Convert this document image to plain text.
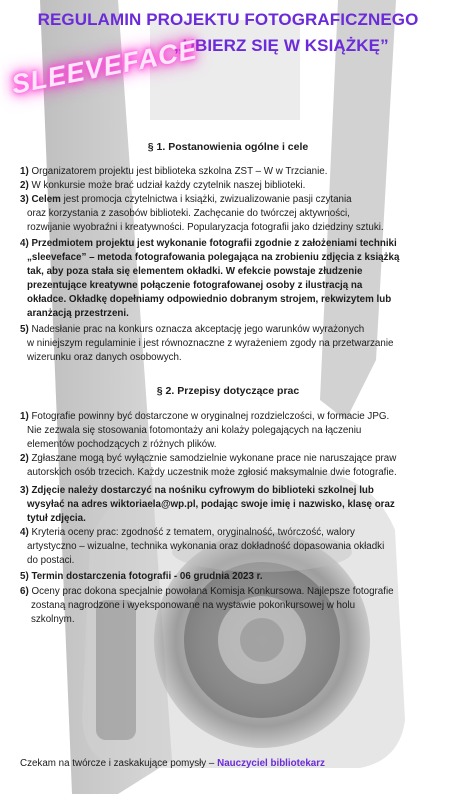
REGULAMIN PROJEKTU FOTOGRAFICZNEGO
„UBIERZ SIĘ W KSIĄŻKĘ”

SLEEVEFACE

§ 1. Postanowienia ogólne i cele
1) Organizatorem projektu jest biblioteka szkolna ZST – W w Trzcianie.
2) W konkursie może brać udział każdy czytelnik naszej biblioteki.
3) Celem jest promocja czytelnictwa i książki, zwizualizowanie pasji czytania
oraz korzystania z zasobów biblioteki. Zachęcanie do twórczej aktywności,
rozwijanie wyobraźni i kreatywności. Popularyzacja fotografii jako dziedziny sztuki.
4) Przedmiotem projektu jest wykonanie fotografii zgodnie z założeniami techniki
„sleeveface” – metoda fotografowania polegająca na zrobieniu zdjęcia z książką
tak, aby poza stała się elementem okładki. W efekcie powstaje złudzenie
prezentujące kreatywne połączenie fotografowanej osoby z ilustracją na
okładce. Okładkę dopełniamy odpowiednio dobranym strojem, rekwizytem lub
aranżacją przestrzeni.
5) Nadesłanie prac na konkurs oznacza akceptację jego warunków wyrażonych
w niniejszym regulaminie i jest równoznaczne z wyrażeniem zgody na przetwarzanie
wizerunku oraz danych osobowych.
§ 2. Przepisy dotyczące prac
1) Fotografie powinny być dostarczone w oryginalnej rozdzielczości, w formacie JPG.
Nie zezwala się stosowania fotomontaży ani kolaży polegających na łączeniu
elementów pochodzących z różnych plików.
2) Zgłaszane mogą być wyłącznie samodzielnie wykonane prace nie naruszające praw
autorskich osób trzecich. Każdy uczestnik może zgłosić maksymalnie dwie fotografie.
3) Zdjęcie należy dostarczyć na nośniku cyfrowym do biblioteki szkolnej lub
wysyłać na adres wiktoriaela@wp.pl, podając swoje imię i nazwisko, klasę oraz
tytuł zdjęcia.
4) Kryteria oceny prac: zgodność z tematem, oryginalność, twórczość, walory
artystyczno – wizualne, technika wykonania oraz dokładność dopasowania okładki
do postaci.
5) Termin dostarczenia fotografii - 06 grudnia 2023 r.
6) Oceny prac dokona specjalnie powołana Komisja Konkursowa. Najlepsze fotografie
zostaną nagrodzone i wyeksponowane na wystawie pokonkursowej w holu
szkolnym.

Czekam na twórcze i zaskakujące pomysły – Nauczyciel bibliotekarz
